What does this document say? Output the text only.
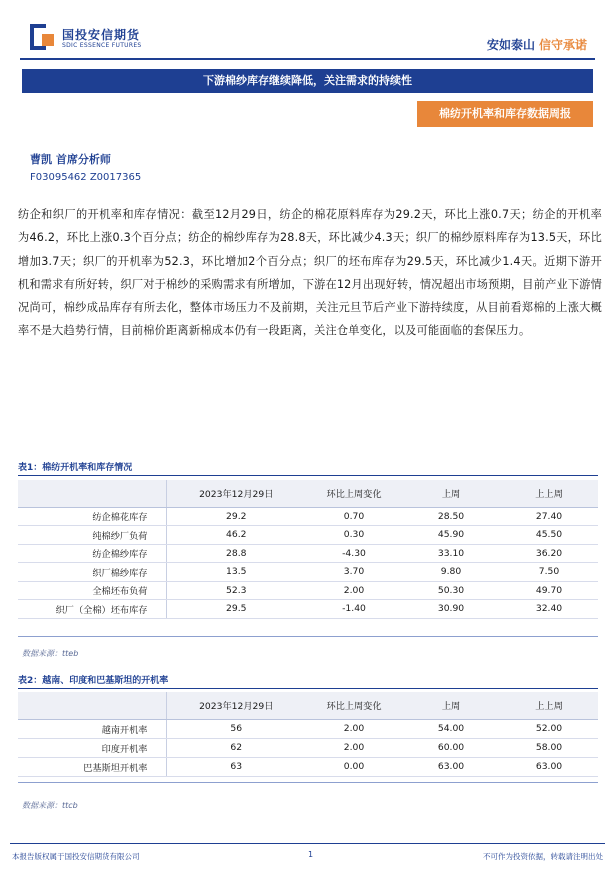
国投安信期货
SDIC ESSENCE FUTURES	安如泰山 信守承诺
下游棉纱库存继续降低，关注需求的持续性
棉纺开机率和库存数据周报
曹凯 首席分析师
F03095462 Z0017365
纺企和织厂的开机率和库存情况：截至12月29日，纺企的棉花原料库存为29.2天，环比上涨0.7天；纺企的开机率为46.2，环比上涨0.3个百分点；纺企的棉纱库存为28.8天，环比减少4.3天；织厂的棉纱原料库存为13.5天，环比增加3.7天；织厂的开机率为52.3，环比增加2个百分点；织厂的坯布库存为29.5天，环比减少1.4天。近期下游开机和需求有所好转，织厂对于棉纱的采购需求有所增加，下游在12月出现好转，情况超出市场预期，目前产业下游情况尚可，棉纱成品库存有所去化，整体市场压力不及前期，关注元旦节后产业下游持续度，从目前看郑棉的上涨大概率不是大趋势行情，目前棉价距离新棉成本仍有一段距离，关注仓单变化，以及可能面临的套保压力。
表1：棉纺开机率和库存情况
	2023年12月29日	环比上周变化	上周	上上周
纺企棉花库存	29.2	0.70	28.50	27.40
纯棉纱厂负荷	46.2	0.30	45.90	45.50
纺企棉纱库存	28.8	-4.30	33.10	36.20
织厂棉纱库存	13.5	3.70	9.80	7.50
全棉坯布负荷	52.3	2.00	50.30	49.70
织厂（全棉）坯布库存	29.5	-1.40	30.90	32.40
数据来源：tteb
表2：越南、印度和巴基斯坦的开机率
	2023年12月29日	环比上周变化	上周	上上周
越南开机率	56	2.00	54.00	52.00
印度开机率	62	2.00	60.00	58.00
巴基斯坦开机率	63	0.00	63.00	63.00
数据来源：ttcb
本报告版权属于国投安信期货有限公司	1	不可作为投资依据，转载请注明出处
